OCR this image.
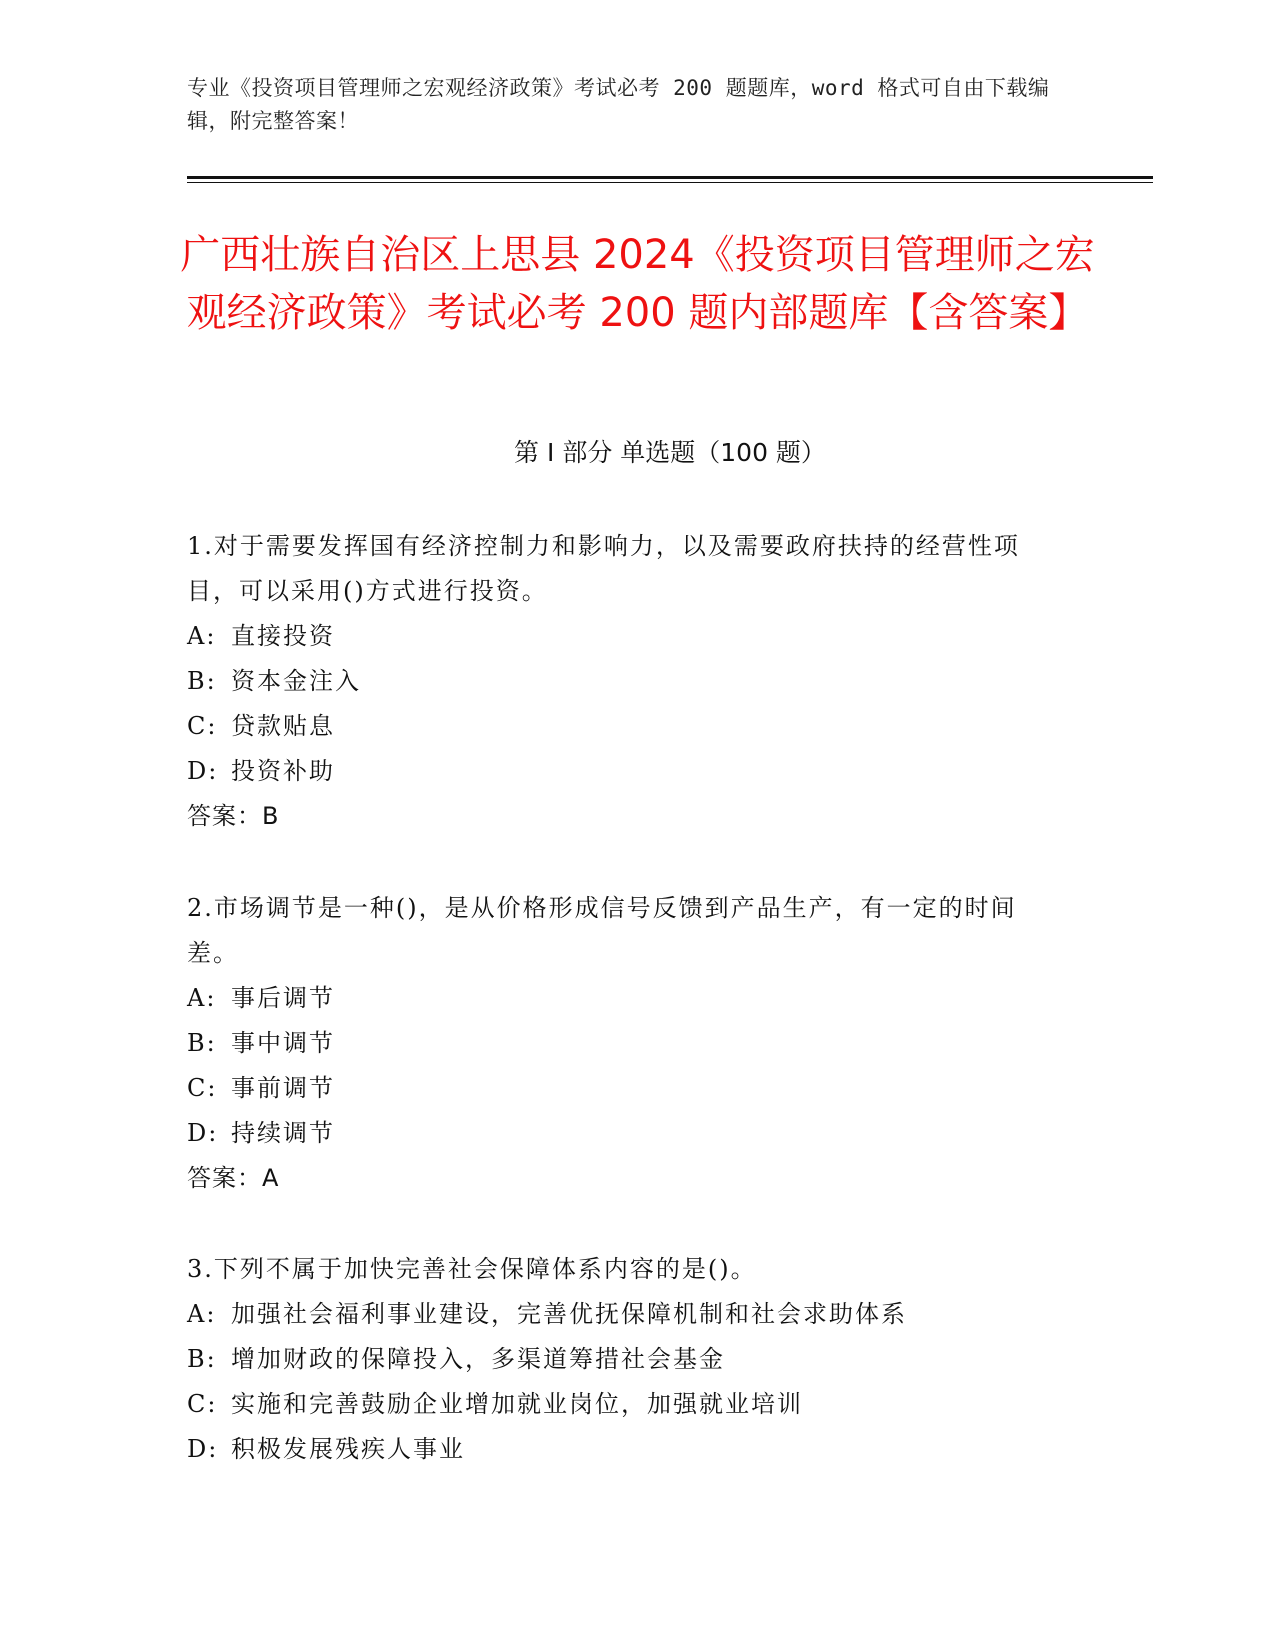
专业《投资项目管理师之宏观经济政策》考试必考 200 题题库，word 格式可自由下载编辑，附完整答案！
广西壮族自治区上思县 2024《投资项目管理师之宏观经济政策》考试必考 200 题内部题库【含答案】
第 I 部分 单选题（100 题）
1.对于需要发挥国有经济控制力和影响力，以及需要政府扶持的经营性项目，可以采用()方式进行投资。
A: 直接投资
B: 资本金注入
C: 贷款贴息
D: 投资补助
答案：B
2.市场调节是一种()，是从价格形成信号反馈到产品生产，有一定的时间差。
A: 事后调节
B: 事中调节
C: 事前调节
D: 持续调节
答案：A
3.下列不属于加快完善社会保障体系内容的是()。
A: 加强社会福利事业建设，完善优抚保障机制和社会求助体系
B: 增加财政的保障投入，多渠道筹措社会基金
C: 实施和完善鼓励企业增加就业岗位，加强就业培训
D: 积极发展残疾人事业
